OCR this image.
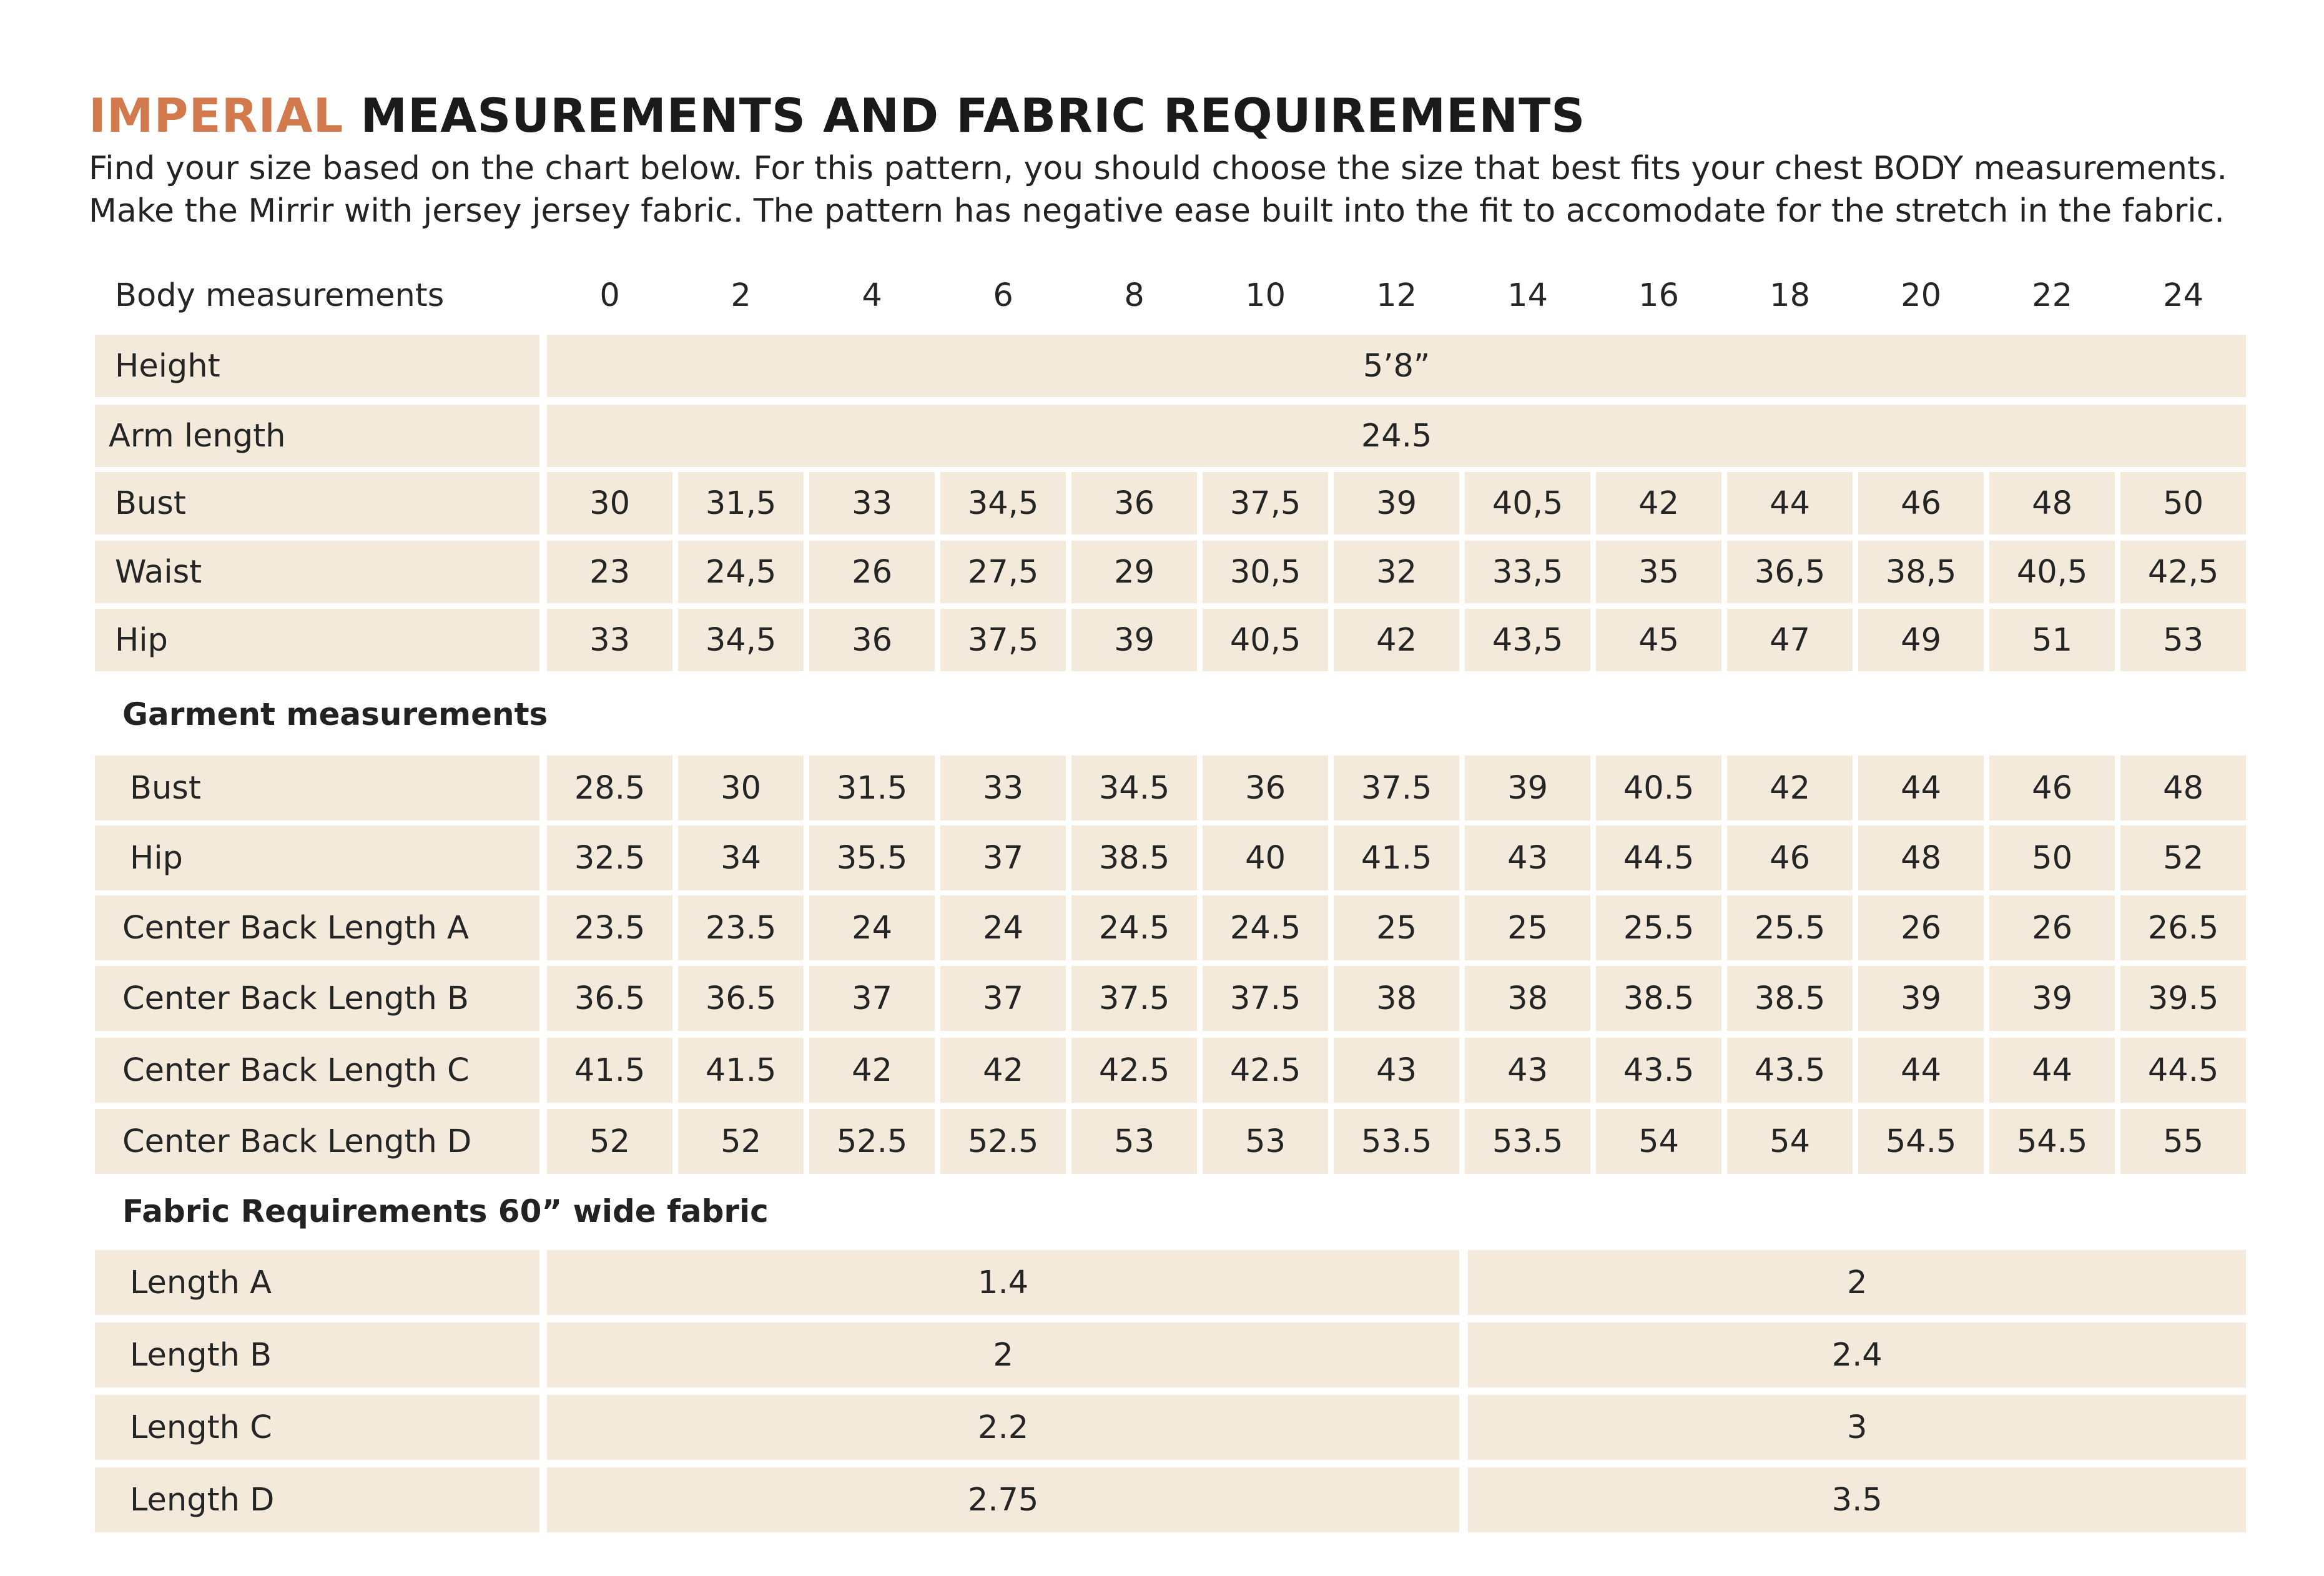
IMPERIAL MEASUREMENTS AND FABRIC REQUIREMENTS

Find your size based on the chart below. For this pattern, you should choose the size that best fits your chest BODY measurements.
Make the Mirrir with jersey jersey fabric. The pattern has negative ease built into the fit to accomodate for the stretch in the fabric.

Body measurements	0	2	4	6	8	10	12	14	16	18	20	22	24
Height	5’8”
Arm length	24.5
Bust	30	31,5	33	34,5	36	37,5	39	40,5	42	44	46	48	50
Waist	23	24,5	26	27,5	29	30,5	32	33,5	35	36,5	38,5	40,5	42,5
Hip	33	34,5	36	37,5	39	40,5	42	43,5	45	47	49	51	53
Garment measurements
Bust	28.5	30	31.5	33	34.5	36	37.5	39	40.5	42	44	46	48
Hip	32.5	34	35.5	37	38.5	40	41.5	43	44.5	46	48	50	52
Center Back Length A	23.5	23.5	24	24	24.5	24.5	25	25	25.5	25.5	26	26	26.5
Center Back Length B	36.5	36.5	37	37	37.5	37.5	38	38	38.5	38.5	39	39	39.5
Center Back Length C	41.5	41.5	42	42	42.5	42.5	43	43	43.5	43.5	44	44	44.5
Center Back Length D	52	52	52.5	52.5	53	53	53.5	53.5	54	54	54.5	54.5	55
Fabric Requirements 60” wide fabric
Length A	1.4	2
Length B	2	2.4
Length C	2.2	3
Length D	2.75	3.5
